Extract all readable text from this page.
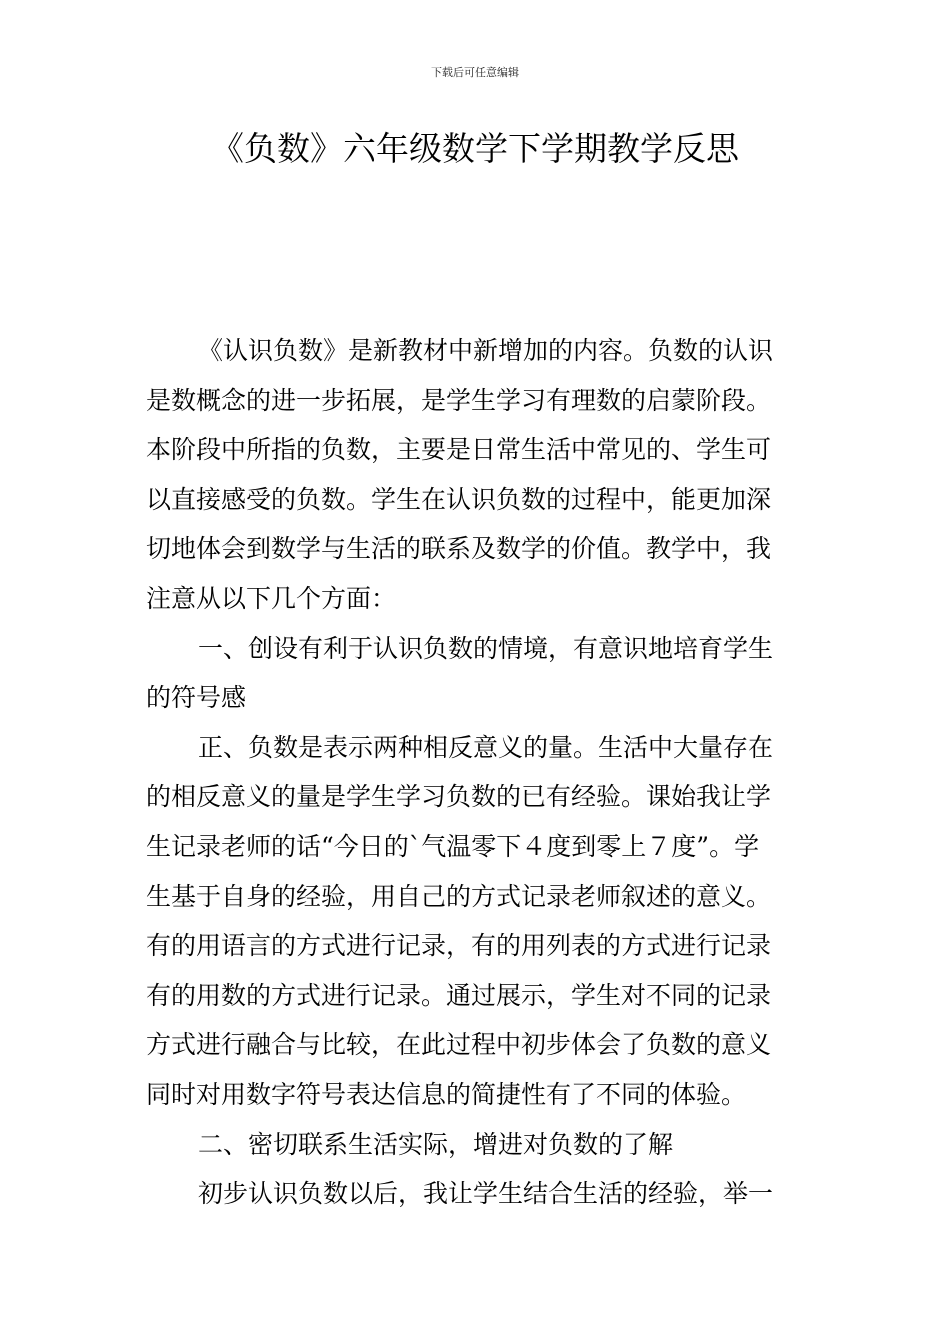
下载后可任意编辑
《负数》六年级数学下学期教学反思
《认识负数》是新教材中新增加的内容。负数的认识
是数概念的进一步拓展，是学生学习有理数的启蒙阶段。
本阶段中所指的负数，主要是日常生活中常见的、学生可
以直接感受的负数。学生在认识负数的过程中，能更加深
切地体会到数学与生活的联系及数学的价值。教学中，我
注意从以下几个方面：
一、创设有利于认识负数的情境，有意识地培育学生
的符号感
正、负数是表示两种相反意义的量。生活中大量存在
的相反意义的量是学生学习负数的已有经验。课始我让学
生记录老师的话“今日的`气温零下４度到零上７度”。学
生基于自身的经验，用自己的方式记录老师叙述的意义。
有的用语言的方式进行记录，有的用列表的方式进行记录
有的用数的方式进行记录。通过展示，学生对不同的记录
方式进行融合与比较，在此过程中初步体会了负数的意义
同时对用数字符号表达信息的简捷性有了不同的体验。
二、密切联系生活实际，增进对负数的了解
初步认识负数以后，我让学生结合生活的经验，举一
